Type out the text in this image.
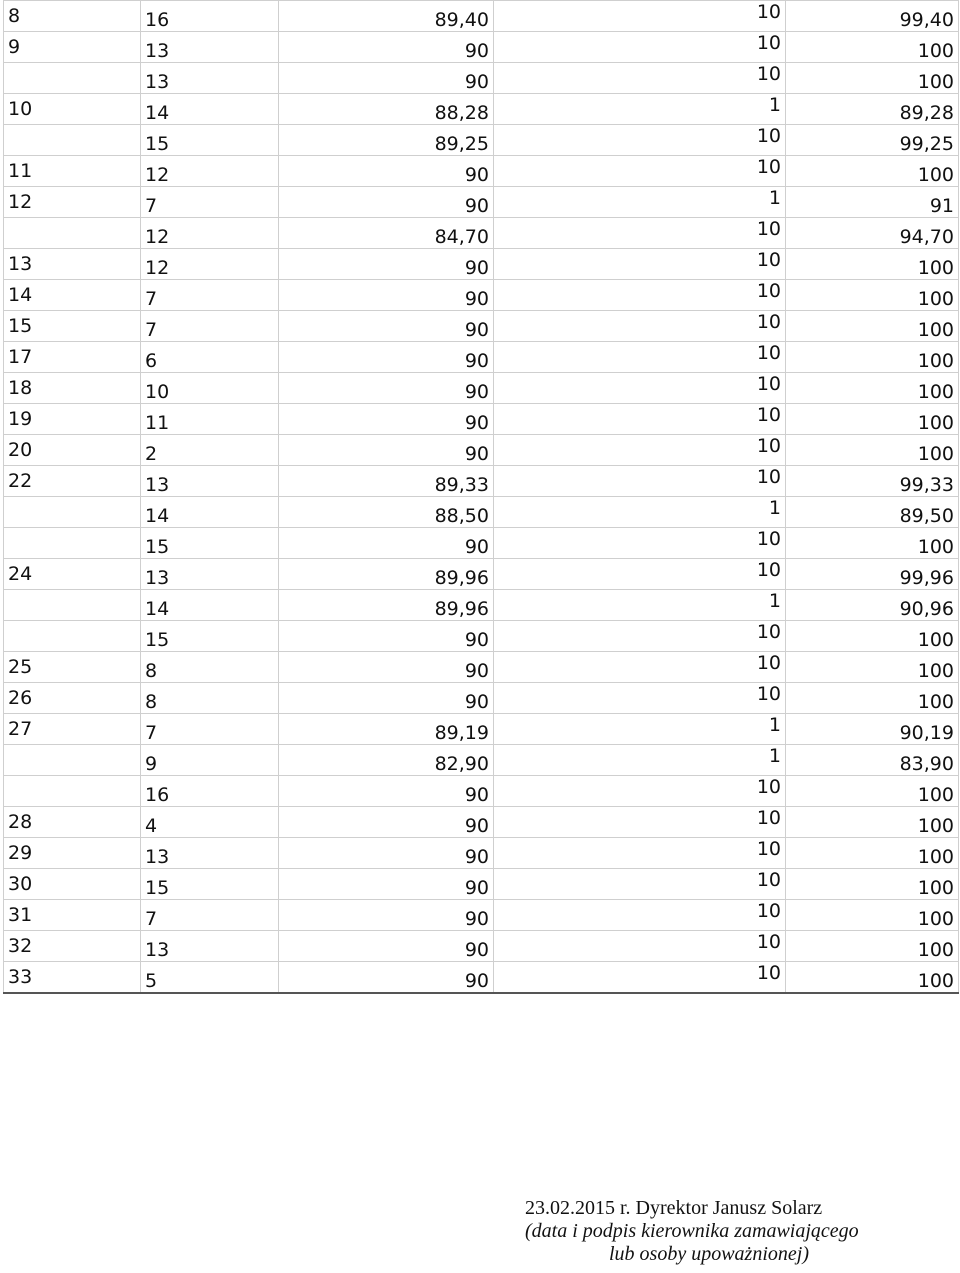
8	16	89,40	10	99,40
9	13	90	10	100
	13	90	10	100
10	14	88,28	1	89,28
	15	89,25	10	99,25
11	12	90	10	100
12	7	90	1	91
	12	84,70	10	94,70
13	12	90	10	100
14	7	90	10	100
15	7	90	10	100
17	6	90	10	100
18	10	90	10	100
19	11	90	10	100
20	2	90	10	100
22	13	89,33	10	99,33
	14	88,50	1	89,50
	15	90	10	100
24	13	89,96	10	99,96
	14	89,96	1	90,96
	15	90	10	100
25	8	90	10	100
26	8	90	10	100
27	7	89,19	1	90,19
	9	82,90	1	83,90
	16	90	10	100
28	4	90	10	100
29	13	90	10	100
30	15	90	10	100
31	7	90	10	100
32	13	90	10	100
33	5	90	10	100
23.02.2015 r. Dyrektor Janusz Solarz
(data i podpis kierownika zamawiającego
lub osoby upoważnionej)
